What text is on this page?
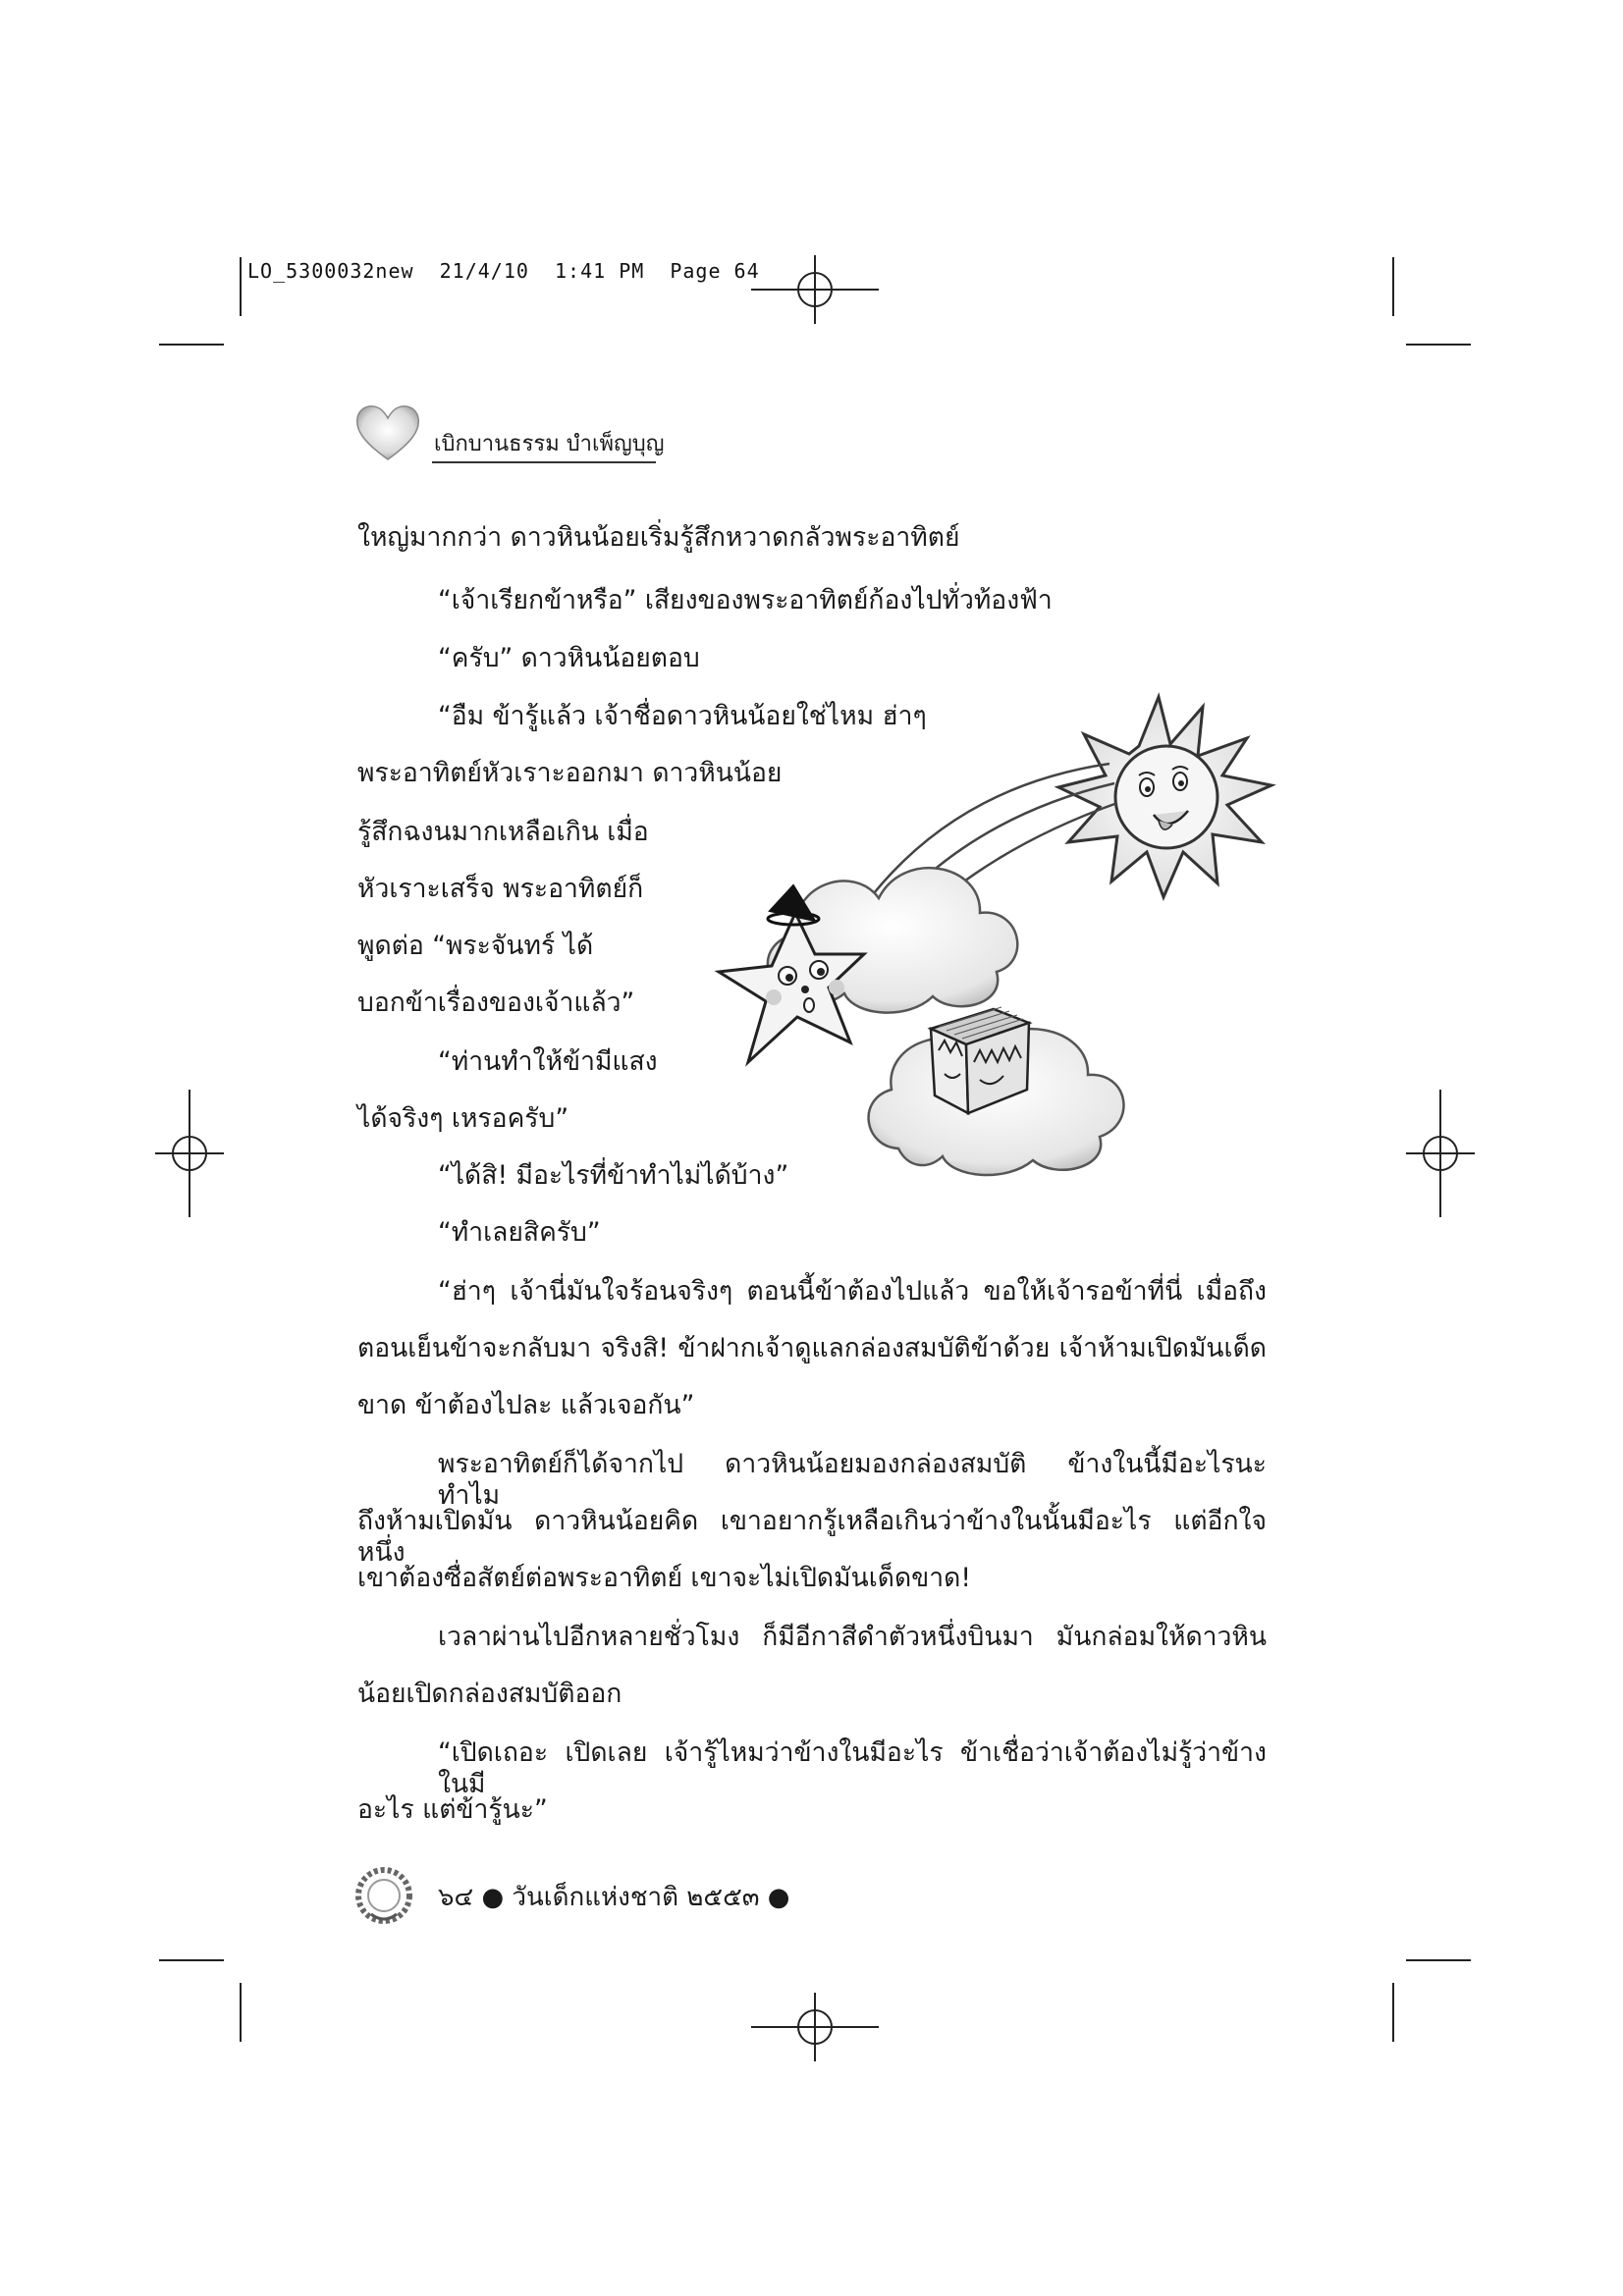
LO_5300032new  21/4/10  1:41 PM  Page 64
เบิกบานธรรม บำเพ็ญบุญ
ใหญ่มากกว่า ดาวหินน้อยเริ่มรู้สึกหวาดกลัวพระอาทิตย์
“เจ้าเรียกข้าหรือ” เสียงของพระอาทิตย์ก้องไปทั่วท้องฟ้า
“ครับ” ดาวหินน้อยตอบ
“อืม ข้ารู้แล้ว เจ้าชื่อดาวหินน้อยใช่ไหม ฮ่าๆ
พระอาทิตย์หัวเราะออกมา ดาวหินน้อย
รู้สึกฉงนมากเหลือเกิน เมื่อ
หัวเราะเสร็จ พระอาทิตย์ก็
พูดต่อ “พระจันทร์ ได้
บอกข้าเรื่องของเจ้าแล้ว”
“ท่านทำให้ข้ามีแสง
ได้จริงๆ เหรอครับ”
“ได้สิ! มีอะไรที่ข้าทำไม่ได้บ้าง”
“ทำเลยสิครับ”
“ฮ่าๆ เจ้านี่มันใจร้อนจริงๆ ตอนนี้ข้าต้องไปแล้ว ขอให้เจ้ารอข้าที่นี่ เมื่อถึง
ตอนเย็นข้าจะกลับมา จริงสิ! ข้าฝากเจ้าดูแลกล่องสมบัติข้าด้วย เจ้าห้ามเปิดมันเด็ด
ขาด ข้าต้องไปละ แล้วเจอกัน”
พระอาทิตย์ก็ได้จากไป ดาวหินน้อยมองกล่องสมบัติ ข้างในนี้มีอะไรนะ ทำไม
ถึงห้ามเปิดมัน ดาวหินน้อยคิด เขาอยากรู้เหลือเกินว่าข้างในนั้นมีอะไร แต่อีกใจหนึ่ง
เขาต้องซื่อสัตย์ต่อพระอาทิตย์ เขาจะไม่เปิดมันเด็ดขาด!
เวลาผ่านไปอีกหลายชั่วโมง ก็มีอีกาสีดำตัวหนึ่งบินมา มันกล่อมให้ดาวหิน
น้อยเปิดกล่องสมบัติออก
“เปิดเถอะ เปิดเลย เจ้ารู้ไหมว่าข้างในมีอะไร ข้าเชื่อว่าเจ้าต้องไม่รู้ว่าข้างในมี
อะไร แต่ข้ารู้นะ”
๖๔ ● วันเด็กแห่งชาติ ๒๕๕๓ ●
